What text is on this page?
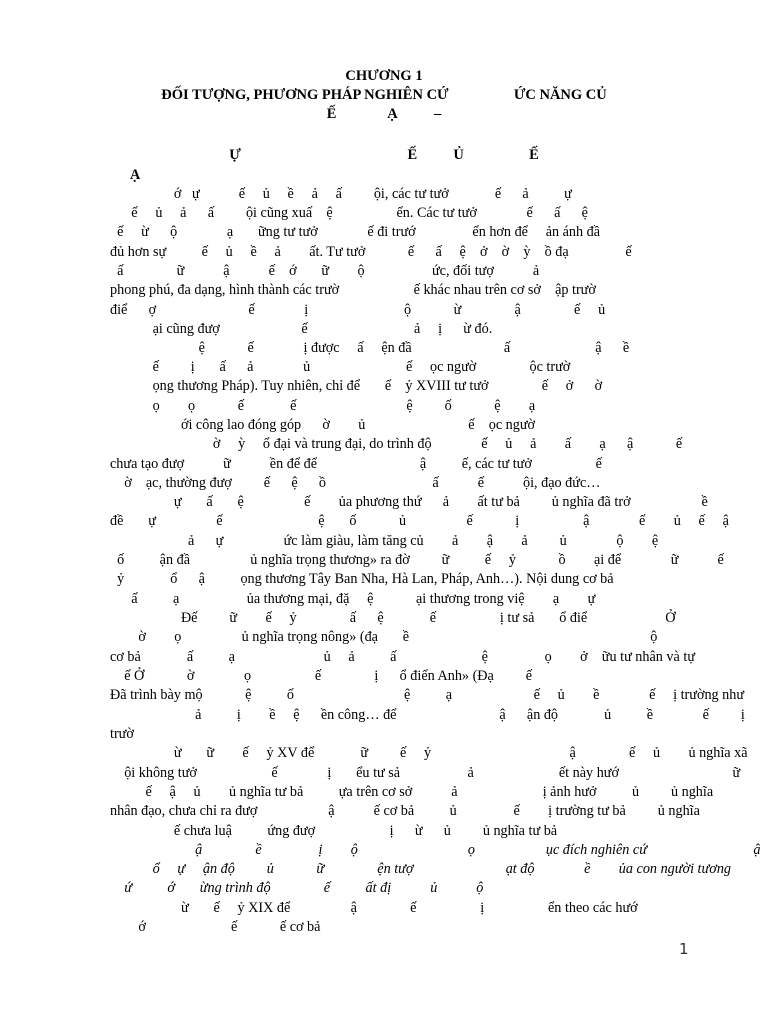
CHƯƠNG 1
ĐỐI TƯỢNG, PHƯƠNG PHÁP NGHIÊN CỨ                  ỨC NĂNG CỦ
Ế              Ạ          –
Ự                                              Ế          Ủ                  Ế
Ạ
ớ   ự           ế     ủ     ề     ả     ấ         ội, các tư tưở             ế      ả          ự
ế     ủ     ả      ấ         ội cũng xuấ    ệ                  ển. Các tư tưở              ế      ấ      ệ
ế     ừ      ộ              ạ       ững tư tưở              ế đi trướ                ển hơn để     ản ánh đầ
đủ hơn sự          ế     ủ     ề     ả        ất. Tư tưở            ế      ấ     ệ    ở    ờ    ỳ    ồ đạ                ế
ấ               ữ           ậ           ế    ớ       ữ        ộ                   ức, đối tượ           ả
phong phú, đa dạng, hình thành các trườ                     ế khác nhau trên cơ sở    ập trườ
điể      ợ                          ế              ị                           ộ            ừ               ậ               ế     ủ
ại cũng đượ                       ế                              ả     ị      ừ đó.
ệ            ế              ị được     ấ     ện đầ                          ấ                        ậ      ề
ế         ị       ấ      ả              ủ                           ế     ọc ngườ               ộc trườ
ọng thương Pháp). Tuy nhiên, chỉ để       ế    ỷ XVIII tư tưở               ế     ở      ờ
ọ        ọ            ế             ế                               ệ         ố            ệ        ạ
ới công lao đóng góp      ờ        ủ                             ế    ọc ngườ
ờ     ỳ     ổ đại và trung đại, do trình độ              ế     ủ     ả        ấ        ạ      ậ            ế
chưa tạo đượ           ữ           ền để để                             ậ          ế, các tư tưở                  ế
ờ    ạc, thường đượ         ế      ệ      ồ                              ấ           ế           ội, đạo đức…
ự       ấ       ệ                 ế        ủa phương thứ      ả        ất tư bả         ủ nghĩa đã trở                    ề
đề       ự                 ế                           ệ       ố            ủ                 ế            ị                  ậ              ế        ủ     ế     ậ
ả      ự                 ức làm giàu, làm tăng củ        ả        ậ        ả         ủ              ộ        ệ
ố          ận đầ                 ủ nghĩa trọng thương» ra đờ         ữ          ế     ỷ            ồ        ại để              ữ           ế
ỷ             ổ      ậ          ọng thương Tây Ban Nha, Hà Lan, Pháp, Anh…). Nội dung cơ bả
ấ          ạ                   ủa thương mại, đặ     ệ            ại thương trong việ        ạ        ự
Đế         ữ        ế     ỷ               ấ      ệ             ế                  ị tư sả       ổ điể                      Ở
ờ        ọ                 ủ nghĩa trọng nông» (đạ       ề                                                                    ộ
cơ bả             ấ          ạ                         ủ     ả          ấ                        ệ                ọ        ở    ữu tư nhân và tự
ế Ở            ờ              ọ                  ế               ị      ổ điển Anh» (Đạ         ế
Đã trình bày mộ            ệ          ố                               ệ          ạ                       ế     ủ        ề              ế     ị trường như
ả          ị        ề     ệ      ền công… để                             ậ      ận độ             ủ          ề              ế         ị
trườ
ừ       ữ        ế     ỷ XV để             ữ         ế     ỷ                                       ậ               ế     ủ        ủ nghĩa xã
ội không tưở                     ế              ị       ểu tư sả                   ả                        ết này hướ                                ữ
ế     ậ     ủ        ủ nghĩa tư bả          ựa trên cơ sở           ả                        ị ảnh hưở          ủ         ủ nghĩa
nhân đạo, chưa chỉ ra đượ                    ậ           ế cơ bả          ủ                ế        ị trường tư bả         ủ nghĩa
ế chưa luậ          ứng đượ                     ị      ừ      ủ         ủ nghĩa tư bả
ậ               ề                ị        ộ                               ọ                    ục đích nghiên cứ                              ậ
ổ     ự     ận độ         ủ            ữ               ện tượ                          ạt độ              ề        ủa con người tương
ứ          ớ       ừng trình độ               ế          ất đị           ủ           ộ
ừ       ế     ỷ XIX để                 ậ               ế                  ị                  ển theo các hướ
ớ                        ế            ế cơ bả
1
